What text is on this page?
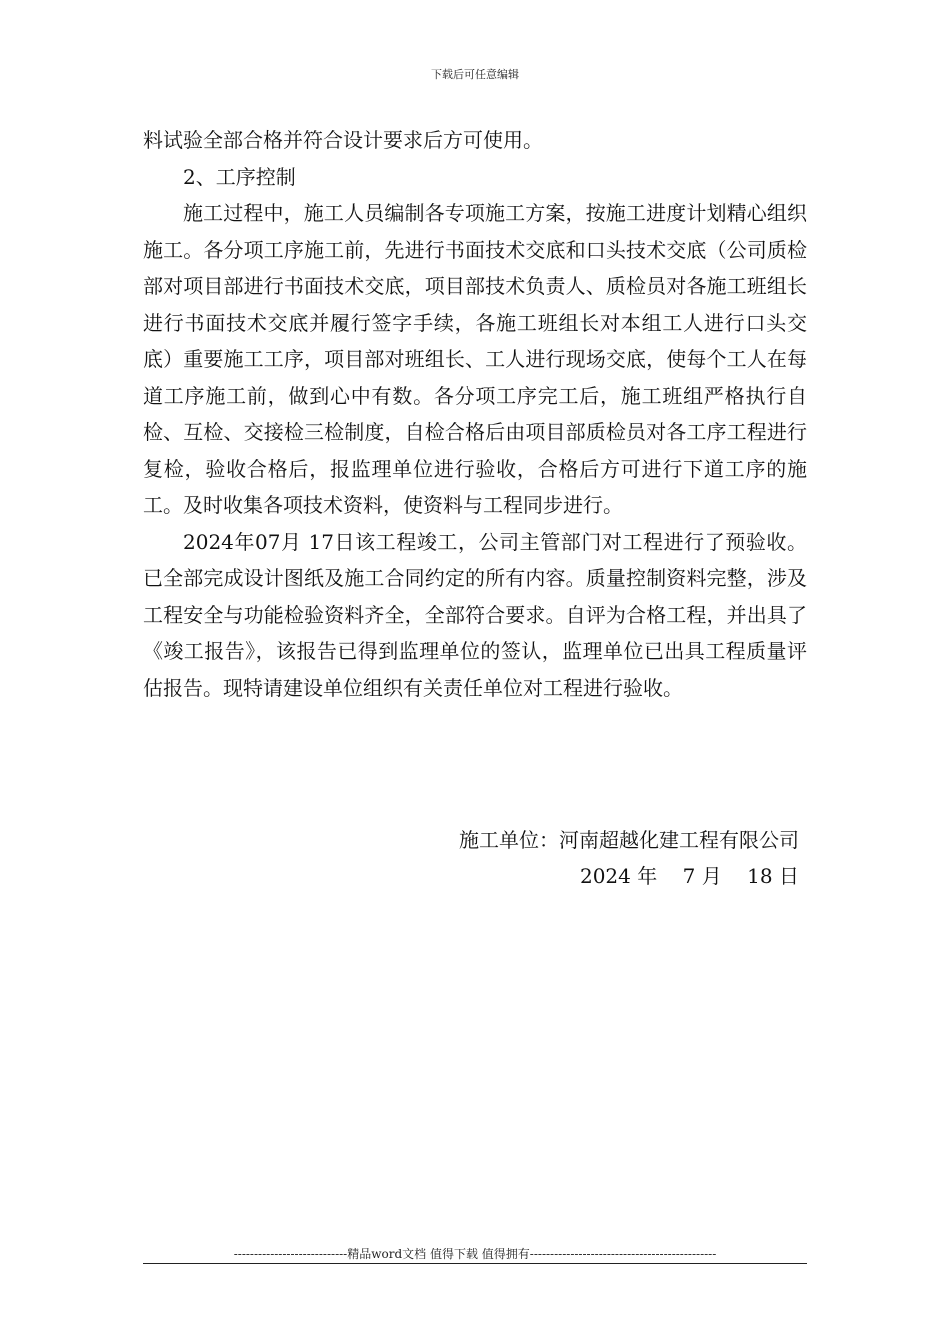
下载后可任意编辑

料试验全部合格并符合设计要求后方可使用。

2、工序控制

施工过程中，施工人员编制各专项施工方案，按施工进度计划精心组织施工。各分项工序施工前，先进行书面技术交底和口头技术交底（公司质检部对项目部进行书面技术交底，项目部技术负责人、质检员对各施工班组长进行书面技术交底并履行签字手续，各施工班组长对本组工人进行口头交底）重要施工工序，项目部对班组长、工人进行现场交底，使每个工人在每道工序施工前，做到心中有数。各分项工序完工后，施工班组严格执行自检、互检、交接检三检制度，自检合格后由项目部质检员对各工序工程进行复检，验收合格后，报监理单位进行验收，合格后方可进行下道工序的施工。及时收集各项技术资料，使资料与工程同步进行。

2024年07月 17日该工程竣工，公司主管部门对工程进行了预验收。已全部完成设计图纸及施工合同约定的所有内容。质量控制资料完整，涉及工程安全与功能检验资料齐全，全部符合要求。自评为合格工程，并出具了《竣工报告》，该报告已得到监理单位的签认，监理单位已出具工程质量评估报告。现特请建设单位组织有关责任单位对工程进行验收。

施工单位：河南超越化建工程有限公司
2024 年    7 月    18 日
----------------------------精品word文档 值得下载 值得拥有----------------------------------------------
